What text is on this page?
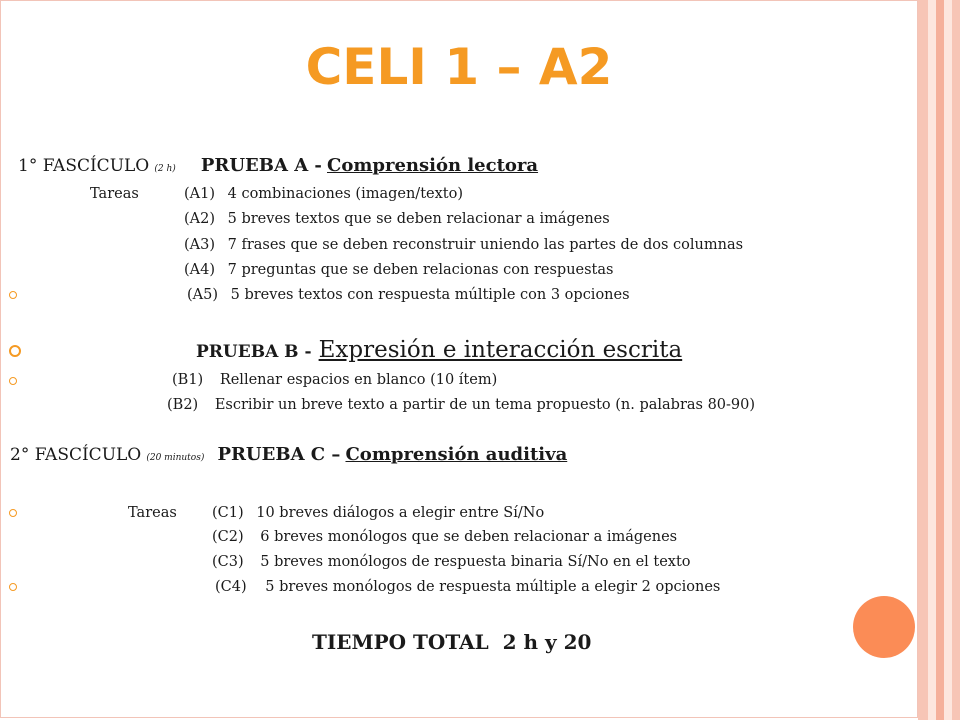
CELI 1 – A2
1° FASCÍCULO (2 h) PRUEBA A - Comprensión lectora
Tareas	(A1) 4 combinaciones (imagen/texto)
(A2) 5 breves textos que se deben relacionar a imágenes
(A3) 7 frases que se deben reconstruir uniendo las partes de dos columnas
(A4) 7 preguntas que se deben relacionas con respuestas
(A5) 5 breves textos con respuesta múltiple con 3 opciones
PRUEBA B - Expresión e interacción escrita
(B1) Rellenar espacios en blanco (10 ítem)
(B2) Escribir un breve texto a partir de un tema propuesto (n. palabras 80-90)
2° FASCÍCULO (20 minutos) PRUEBA C – Comprensión auditiva
Tareas (C1) 10 breves diálogos a elegir entre Sí/No
(C2) 6 breves monólogos que se deben relacionar a imágenes
(C3) 5 breves monólogos de respuesta binaria Sí/No en el texto
(C4) 5 breves monólogos de respuesta múltiple a elegir 2 opciones
TIEMPO TOTAL  2 h y 20
